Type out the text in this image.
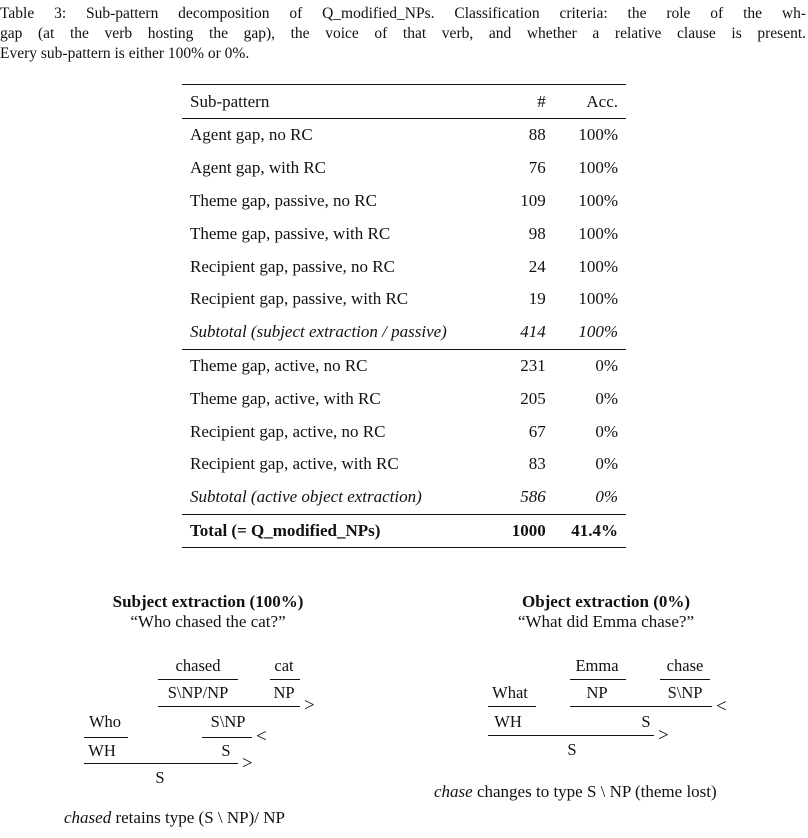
Table 3: Sub-pattern decomposition of Q_modified_NPs. Classification criteria: the role of the wh-
gap (at the verb hosting the gap), the voice of that verb, and whether a relative clause is present.
Every sub-pattern is either 100% or 0%.
Sub-pattern	#	Acc.
Agent gap, no RC	88	100%
Agent gap, with RC	76	100%
Theme gap, passive, no RC	109	100%
Theme gap, passive, with RC	98	100%
Recipient gap, passive, no RC	24	100%
Recipient gap, passive, with RC	19	100%
Subtotal (subject extraction / passive)	414	100%
Theme gap, active, no RC	231	0%
Theme gap, active, with RC	205	0%
Recipient gap, active, no RC	67	0%
Recipient gap, active, with RC	83	0%
Subtotal (active object extraction)	586	0%
Total (= Q_modified_NPs)	1000	41.4%
Subject extraction (100%)
“Who chased the cat?”
chased	cat
S\NP/NP	NP
>
Who	S\NP
<
WH	S
>
S
chased retains type (S \ NP)/ NP
Object extraction (0%)
“What did Emma chase?”
Emma	chase
NP	S\NP
What
<
WH	S
>
S
chase changes to type S \ NP (theme lost)
